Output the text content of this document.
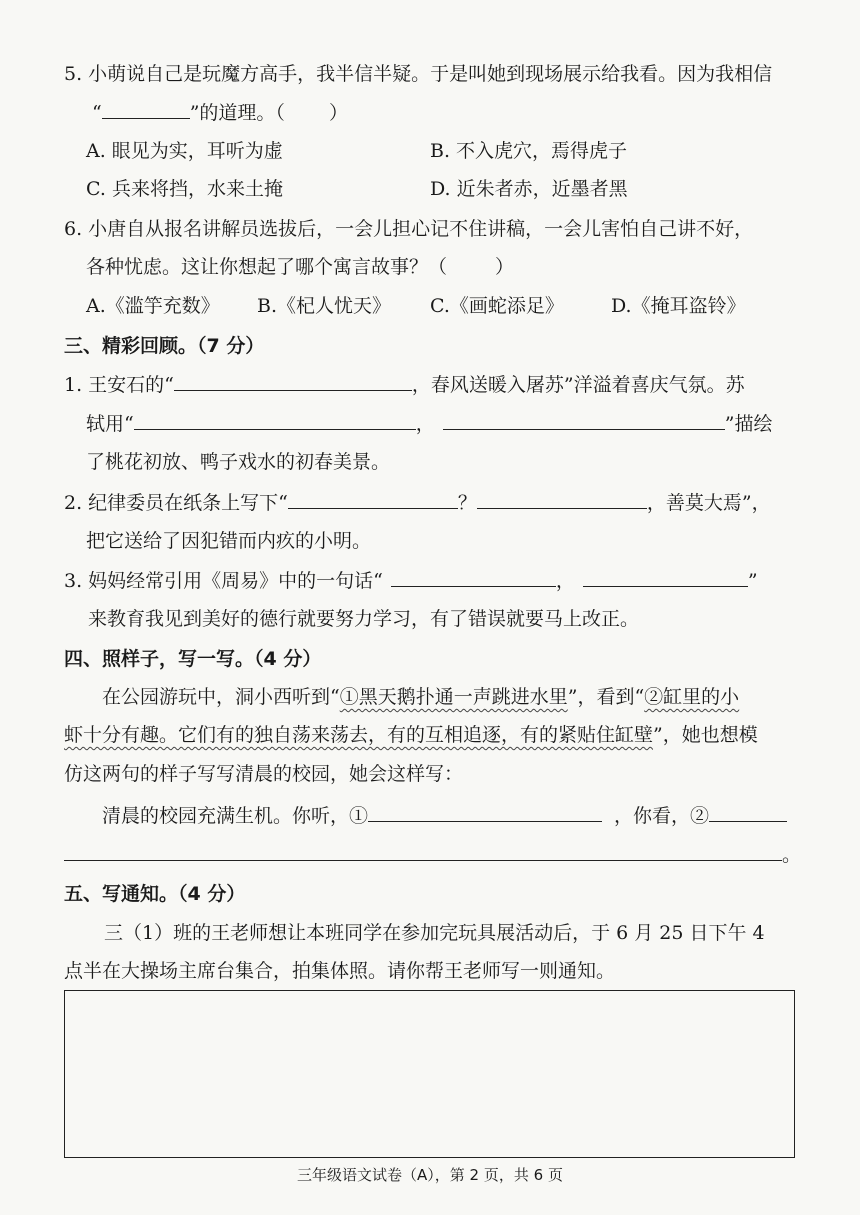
5. 小萌说自己是玩魔方高手，我半信半疑。于是叫她到现场展示给我看。因为我相信
“	”的道理。（ ）
A. 眼见为实，耳听为虚	B. 不入虎穴，焉得虎子
C. 兵来将挡，水来土掩	D. 近朱者赤，近墨者黑
6. 小唐自从报名讲解员选拔后，一会儿担心记不住讲稿，一会儿害怕自己讲不好，
各种忧虑。这让你想起了哪个寓言故事？（	）
A.《滥竽充数》 B.《杞人忧天》 C.《画蛇添足》 D.《掩耳盗铃》
三、精彩回顾。（7 分）
1. 王安石的“	，春风送暖入屠苏”洋溢着喜庆气氛。苏
轼用“	，	”描绘
了桃花初放、鸭子戏水的初春美景。
2. 纪律委员在纸条上写下“	？	，善莫大焉”，
把它送给了因犯错而内疚的小明。
3. 妈妈经常引用《周易》中的一句话“	，	”
来教育我见到美好的德行就要努力学习，有了错误就要马上改正。
四、照样子，写一写。（4 分）
在公园游玩中，洞小西听到“①黑天鹅扑通一声跳进水里”，看到“②缸里的小
虾十分有趣。它们有的独自荡来荡去，有的互相追逐，有的紧贴住缸壁”，她也想模
仿这两句的样子写写清晨的校园，她会这样写：
清晨的校园充满生机。你听，①	，你看，②
。
五、写通知。（4 分）
三（1）班的王老师想让本班同学在参加完玩具展活动后，于 6 月 25 日下午 4
点半在大操场主席台集合，拍集体照。请你帮王老师写一则通知。
三年级语文试卷（A），第 2 页，共 6 页
